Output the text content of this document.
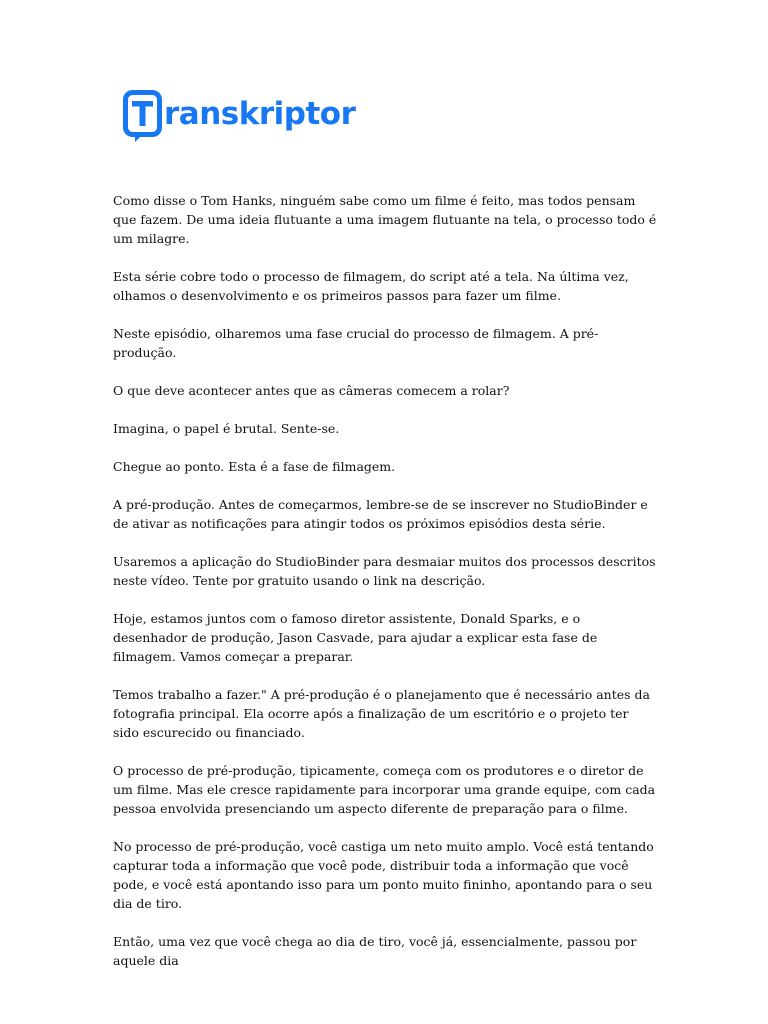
ranskriptor

Como disse o Tom Hanks, ninguém sabe como um filme é feito, mas todos pensam que fazem. De uma ideia flutuante a uma imagem flutuante na tela, o processo todo é um milagre.

Esta série cobre todo o processo de filmagem, do script até a tela. Na última vez, olhamos o desenvolvimento e os primeiros passos para fazer um filme.

Neste episódio, olharemos uma fase crucial do processo de filmagem. A pré-produção.

O que deve acontecer antes que as câmeras comecem a rolar?

Imagina, o papel é brutal. Sente-se.

Chegue ao ponto. Esta é a fase de filmagem.

A pré-produção. Antes de começarmos, lembre-se de se inscrever no StudioBinder e de ativar as notificações para atingir todos os próximos episódios desta série.

Usaremos a aplicação do StudioBinder para desmaiar muitos dos processos descritos neste vídeo. Tente por gratuito usando o link na descrição.

Hoje, estamos juntos com o famoso diretor assistente, Donald Sparks, e o desenhador de produção, Jason Casvade, para ajudar a explicar esta fase de filmagem. Vamos começar a preparar.

Temos trabalho a fazer." A pré-produção é o planejamento que é necessário antes da fotografia principal. Ela ocorre após a finalização de um escritório e o projeto ter sido escurecido ou financiado.

O processo de pré-produção, tipicamente, começa com os produtores e o diretor de um filme. Mas ele cresce rapidamente para incorporar uma grande equipe, com cada pessoa envolvida presenciando um aspecto diferente de preparação para o filme.

No processo de pré-produção, você castiga um neto muito amplo. Você está tentando capturar toda a informação que você pode, distribuir toda a informação que você pode, e você está apontando isso para um ponto muito fininho, apontando para o seu dia de tiro.

Então, uma vez que você chega ao dia de tiro, você já, essencialmente, passou por aquele dia
